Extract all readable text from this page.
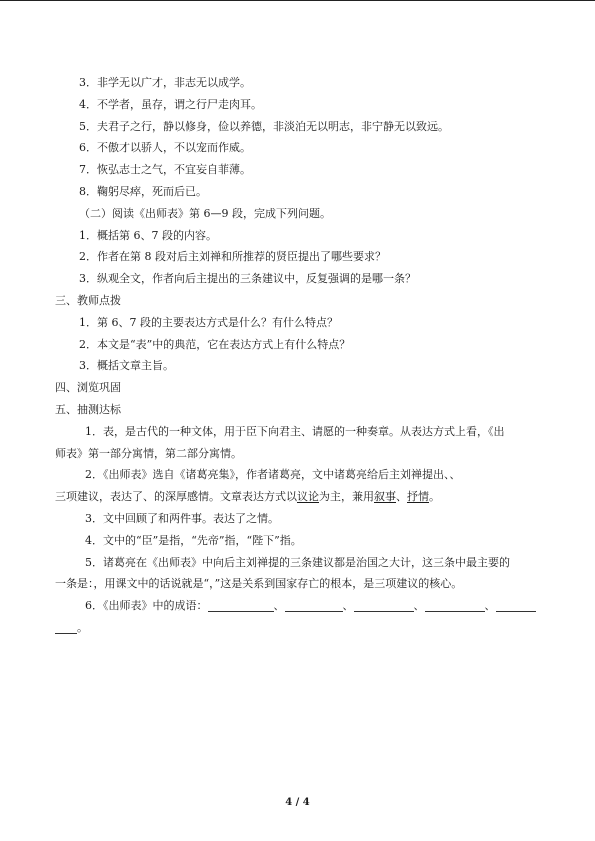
3．非学无以广才，非志无以成学。
4．不学者，虽存，谓之行尸走肉耳。
5．夫君子之行，静以修身，俭以养德，非淡泊无以明志，非宁静无以致远。
6．不傲才以骄人，不以宠而作威。
7．恢弘志士之气，不宜妄自菲薄。
8．鞠躬尽瘁，死而后已。
（二）阅读《出师表》第 6—9 段，完成下列问题。
1．概括第 6、7 段的内容。
2．作者在第 8 段对后主刘禅和所推荐的贤臣提出了哪些要求？
3．纵观全文，作者向后主提出的三条建议中，反复强调的是哪一条？
三、教师点拨
1．第 6、7 段的主要表达方式是什么？有什么特点？
2．本文是“表”中的典范，它在表达方式上有什么特点？
3．概括文章主旨。
四、浏览巩固
五、抽测达标
1．表，是古代的一种文体，用于臣下向君主、请愿的一种奏章。从表达方式上看，《出
师表》第一部分寓情，第二部分寓情。
2．《出师表》选自《诸葛亮集》，作者诸葛亮，文中诸葛亮给后主刘禅提出、、
三项建议，表达了、的深厚感情。文章表达方式以议论为主，兼用叙事、抒情。
3．文中回顾了和两件事。表达了之情。
4．文中的“臣”是指，“先帝”指，“陛下”指。
5．诸葛亮在《出师表》中向后主刘禅提的三条建议都是治国之大计，这三条中最主要的
一条是：，用课文中的话说就是“，”这是关系到国家存亡的根本，是三项建议的核心。
6．《出师表》中的成语：	、	、	、	、
。
4 / 4
